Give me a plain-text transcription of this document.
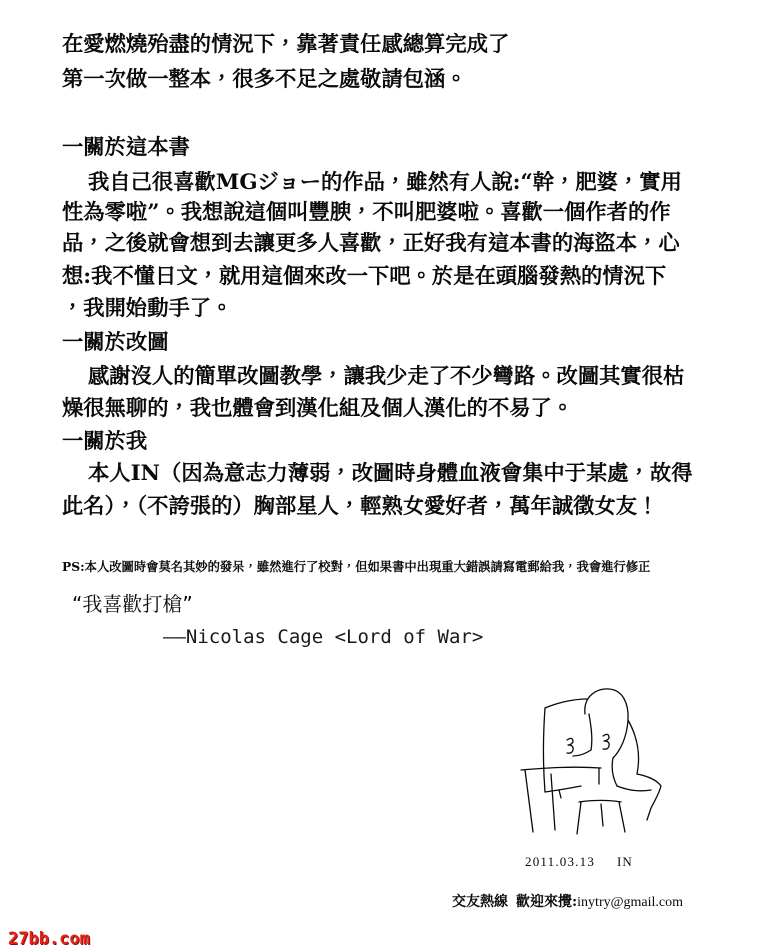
在愛燃燒殆盡的情況下，靠著責任感總算完成了
第一次做一整本，很多不足之處敬請包涵。
一關於這本書
我自己很喜歡MGジョー的作品，雖然有人說:“幹，肥婆，實用
性為零啦”。我想說這個叫豐腴，不叫肥婆啦。喜歡一個作者的作
品，之後就會想到去讓更多人喜歡，正好我有這本書的海盜本，心
想:我不懂日文，就用這個來改一下吧。於是在頭腦發熱的情況下
，我開始動手了。
一關於改圖
感謝沒人的簡單改圖教學，讓我少走了不少彎路。改圖其實很枯
燥很無聊的，我也體會到漢化組及個人漢化的不易了。
一關於我
本人IN（因為意志力薄弱，改圖時身體血液會集中于某處，故得
此名），（不誇張的）胸部星人，輕熟女愛好者，萬年誠徵女友！
PS:本人改圖時會莫名其妙的發呆，雖然進行了校對，但如果書中出現重大錯誤請寫電郵給我，我會進行修正
“我喜歡打槍”
——Nicolas Cage <Lord of War>
2011.03.13 IN
交友熱線 歡迎來攪: inytry@gmail.com
27bb.com
